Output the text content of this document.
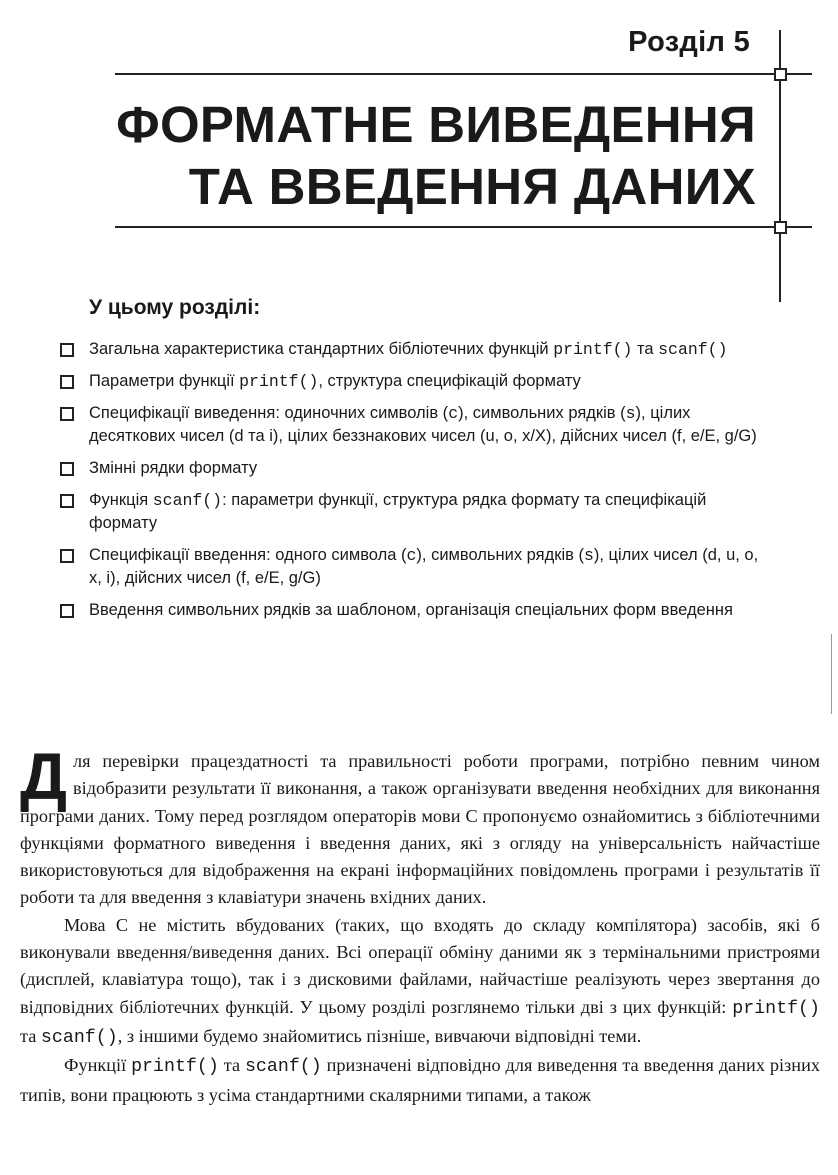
Розділ 5
ФОРМАТНЕ ВИВЕДЕННЯ
ТА ВВЕДЕННЯ ДАНИХ
У цьому розділі:
Загальна характеристика стандартних бібліотечних функцій printf() та scanf()
Параметри функції printf(), структура специфікацій формату
Специфікації виведення: одиночних символів (c), символьних рядків (s), цілих десяткових чисел (d та i), цілих беззнакових чисел (u, o, x/X), дійсних чисел (f, e/E, g/G)
Змінні рядки формату
Функція scanf(): параметри функції, структура рядка формату та специфікацій формату
Специфікації введення: одного символа (c), символьних рядків (s), цілих чисел (d, u, o, x, i), дійсних чисел (f, e/E, g/G)
Введення символьних рядків за шаблоном, організація спеціальних форм введення

Для перевірки працездатності та правильності роботи програми, потрібно певним чином відобразити результати її виконання, а також організувати введення необхідних для виконання програми даних. Тому перед розглядом операторів мови С пропонуємо ознайомитись з бібліотечними функціями форматного виведення і введення даних, які з огляду на універсальність найчастіше використовуються для відображення на екрані інформаційних повідомлень програми і результатів її роботи та для введення з клавіатури значень вхідних даних.

Мова С не містить вбудованих (таких, що входять до складу компілятора) засобів, які б виконували введення/виведення даних. Всі операції обміну даними як з термінальними пристроями (дисплей, клавіатура тощо), так і з дисковими файлами, найчастіше реалізують через звертання до відповідних бібліотечних функцій. У цьому розділі розглянемо тільки дві з цих функцій: printf() та scanf(), з іншими будемо знайомитись пізніше, вивчаючи відповідні теми.

Функції printf() та scanf() призначені відповідно для виведення та введення даних різних типів, вони працюють з усіма стандартними скалярними типами, а також
